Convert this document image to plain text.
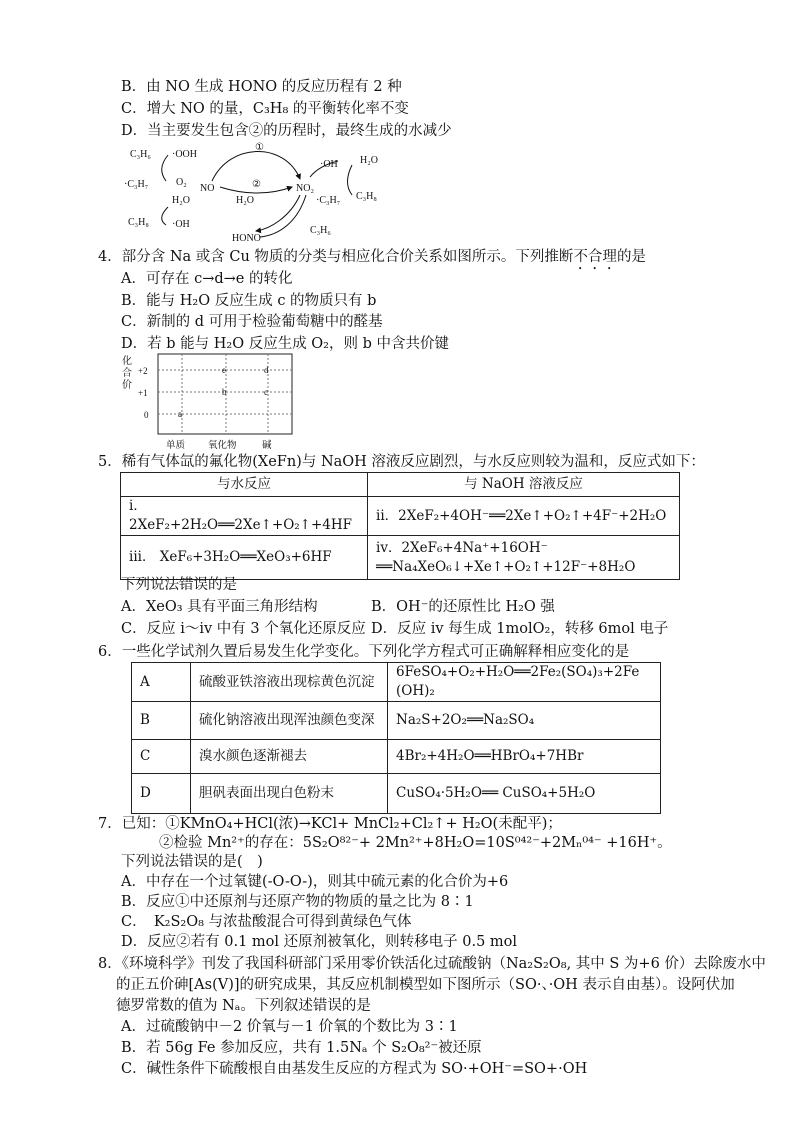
B．由 NO 生成 HONO 的反应历程有 2 种
C．增大 NO 的量，C₃H₈ 的平衡转化率不变
D．当主要发生包含②的历程时，最终生成的水减少
C₃H₆ ·OOH
·C₃H₇	O₂
NO
H₂O
C₃H₈ ·OH
HONO
①
②
H₂O
NO₂
·OH H₂O
C₃H₈
·C₃H₇
C₃H₆
4．部分含 Na 或含 Cu 物质的分类与相应化合价关系如图所示。下列推断不合理的是
A．可存在 c→d→e 的转化
B．能与 H₂O 反应生成 c 的物质只有 b
C．新制的 d 可用于检验葡萄糖中的醛基
D．若 b 能与 H₂O 反应生成 O₂，则 b 中含共价键
化
合
价
+2
+1
0
e	d
b	c
a
单质 氧化物	碱
5．稀有气体氙的氟化物(XeFn)与 NaOH 溶液反应剧烈，与水反应则较为温和，反应式如下：
与水反应	与 NaOH 溶液反应
i．2XeF₂+2H₂O══2Xe↑+O₂↑+4HF	ii．2XeF₂+4OH⁻══2Xe↑+O₂↑+4F⁻+2H₂O
iii． XeF₆+3H₂O══XeO₃+6HF	iv．2XeF₆+4Na⁺+16OH⁻
══Na₄XeO₆↓+Xe↑+O₂↑+12F⁻+8H₂O
下列说法错误的是
A．XeO₃ 具有平面三角形结构	B．OH⁻的还原性比 H₂O 强
C．反应 i～iv 中有 3 个氧化还原反应 D．反应 iv 每生成 1molO₂，转移 6mol 电子
6．一些化学试剂久置后易发生化学变化。下列化学方程式可正确解释相应变化的是
A	硫酸亚铁溶液出现棕黄色沉淀	6FeSO₄+O₂+H₂O══2Fe₂(SO₄)₃+2Fe (OH)₂
B	硫化钠溶液出现浑浊颜色变深	Na₂S+2O₂══Na₂SO₄
C	溴水颜色逐渐褪去	4Br₂+4H₂O══HBrO₄+7HBr
D	胆矾表面出现白色粉末	CuSO₄·5H₂O══ CuSO₄+5H₂O
7．已知：①KMnO₄+HCl(浓)→KCl+ MnCl₂+Cl₂↑+ H₂O(未配平)；
②检验 Mn²⁺的存在：5S₂O⁸²⁻+ 2Mn²⁺+8H₂O=10S⁰⁴²⁻+2Mₙ⁰⁴⁻ +16H⁺。
下列说法错误的是(　)
A．中存在一个过氧键(-O-O-)，则其中硫元素的化合价为+6
B．反应①中还原剂与还原产物的物质的量之比为 8∶1
C．　K₂S₂O₈ 与浓盐酸混合可得到黄绿色气体
D．反应②若有 0.1 mol 还原剂被氧化，则转移电子 0.5 mol
8．《环境科学》刊发了我国科研部门采用零价铁活化过硫酸钠（Na₂S₂O₈, 其中 S 为+6 价）去除废水中
的正五价砷[As(V)]的研究成果，其反应机制模型如下图所示（SO·、·OH 表示自由基）。设阿伏加
德罗常数的值为 Nₐ。下列叙述错误的是
A．过硫酸钠中－2 价氧与－1 价氧的个数比为 3∶1
B．若 56g Fe 参加反应，共有 1.5Nₐ 个 S₂O₈²⁻被还原
C．碱性条件下硫酸根自由基发生反应的方程式为 SO·+OH⁻=SO+·OH
